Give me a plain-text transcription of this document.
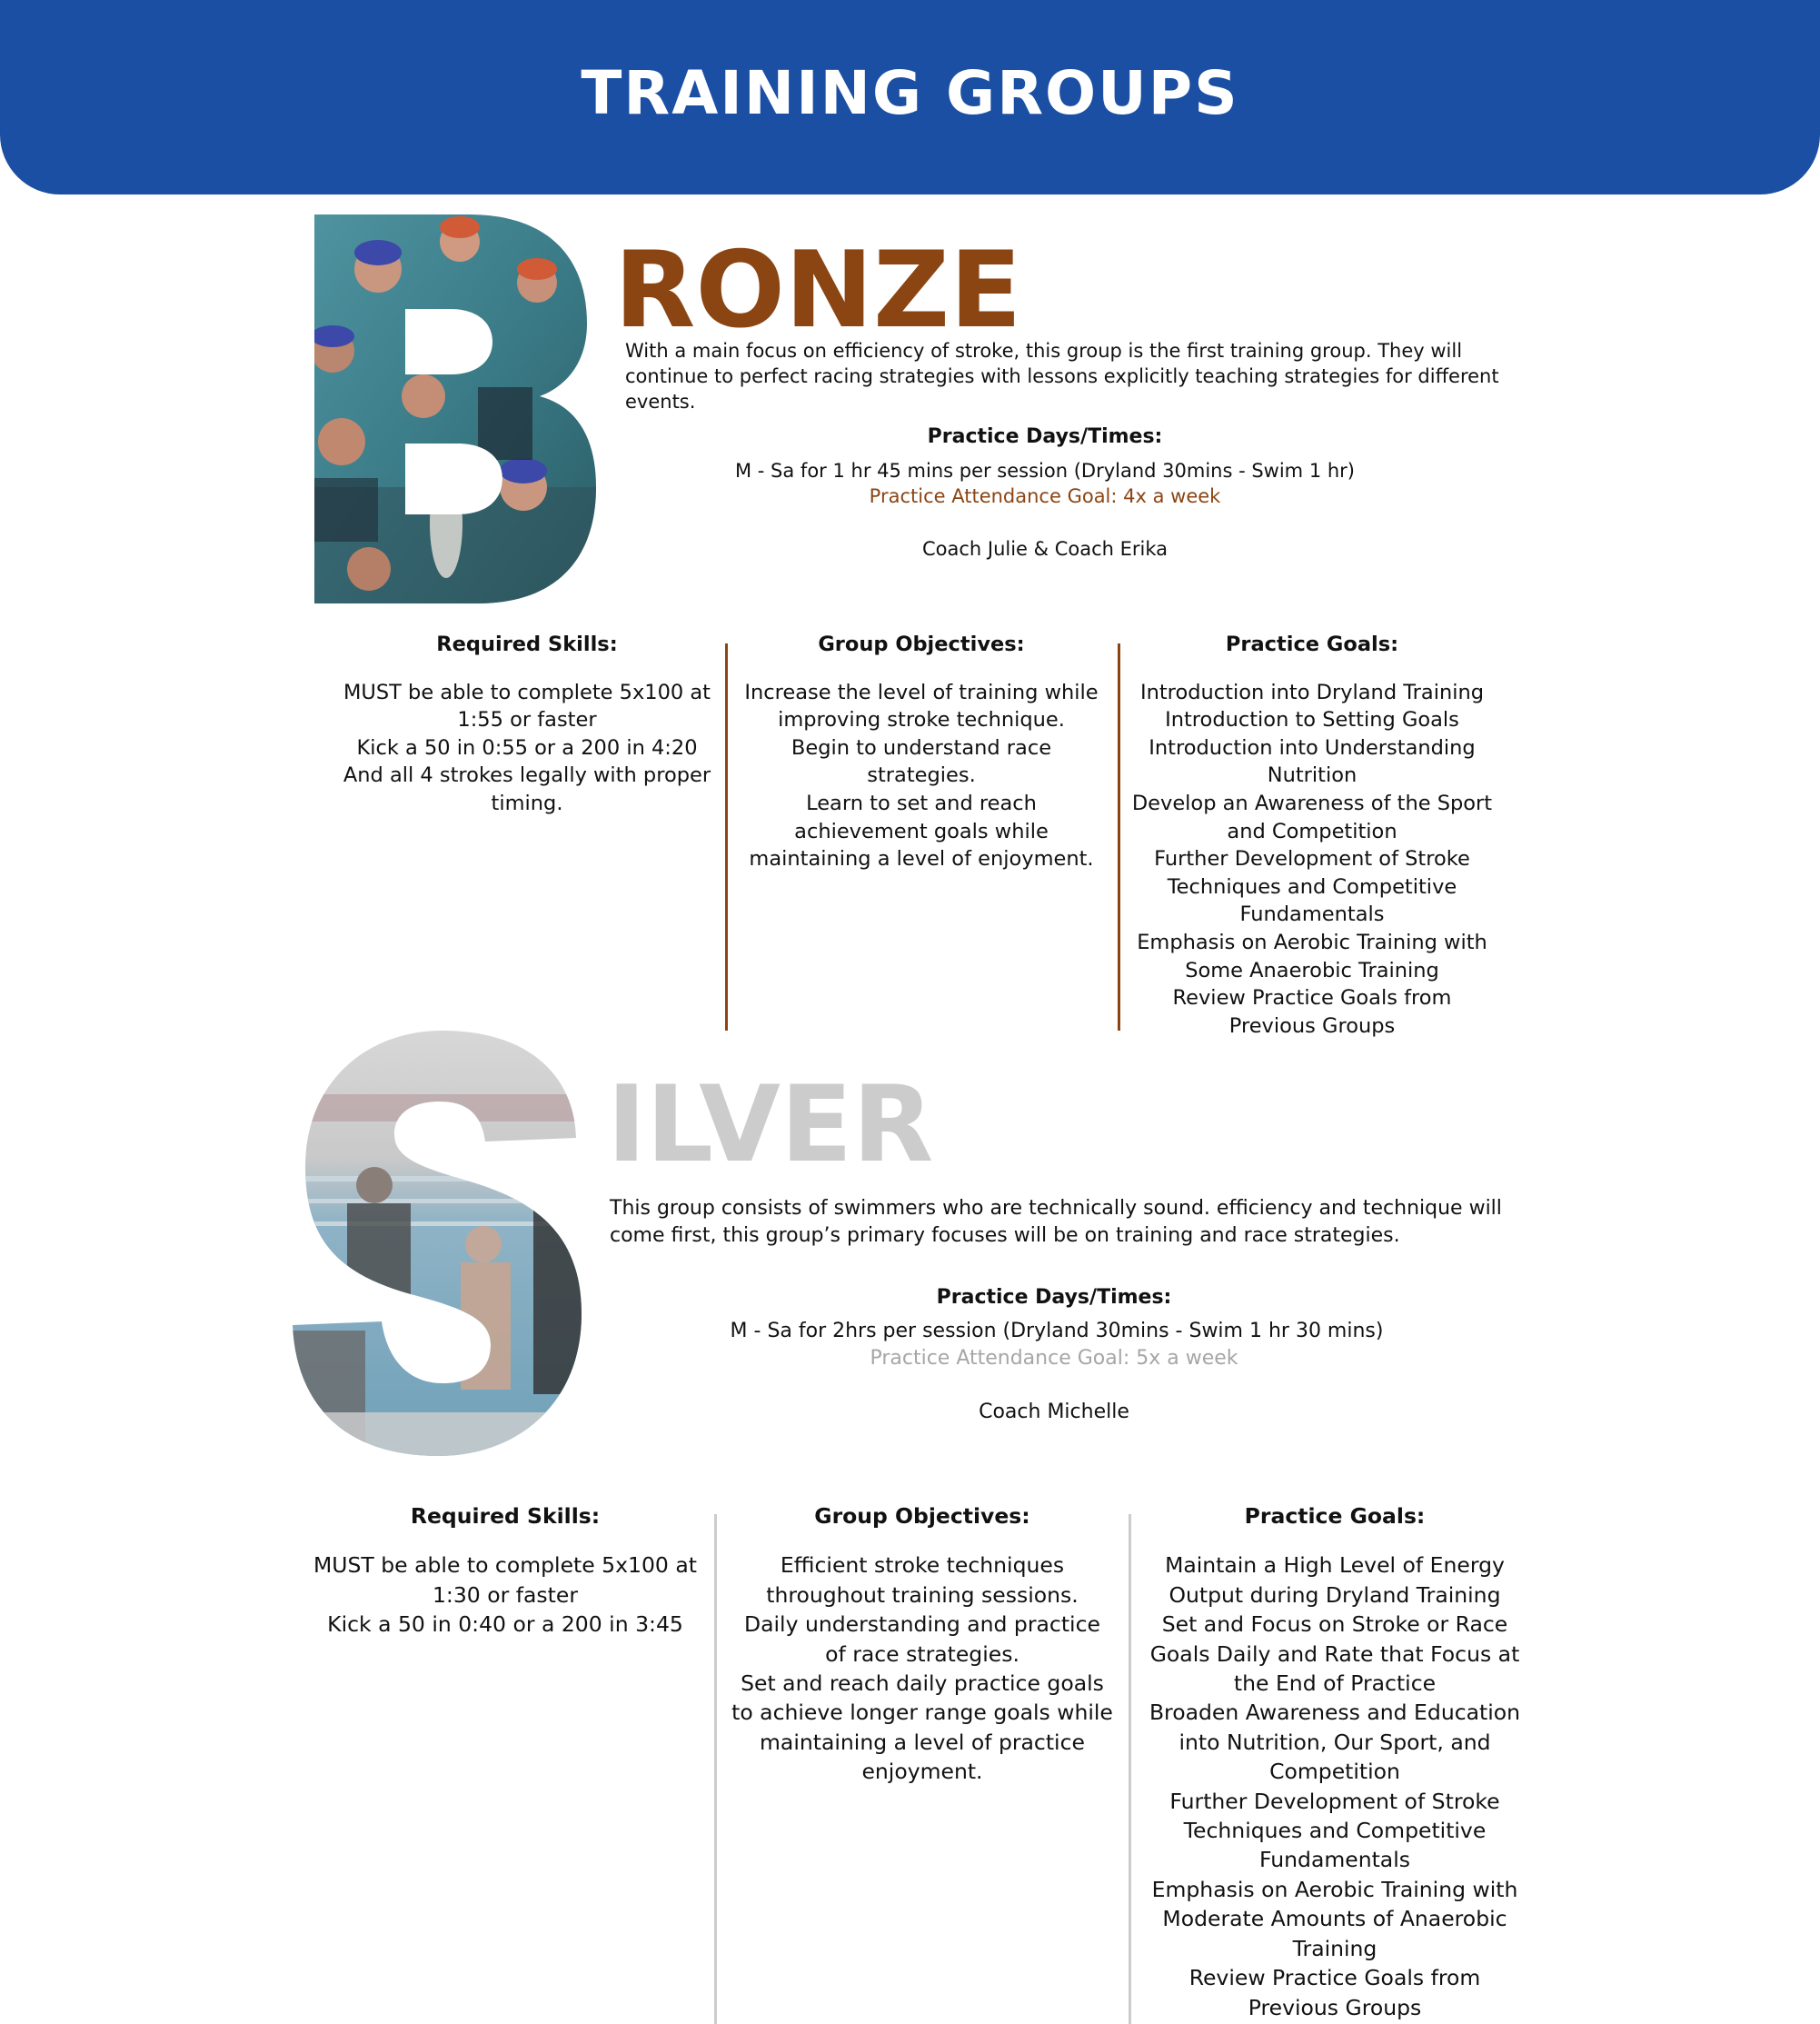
TRAINING GROUPS
RONZE
With a main focus on efficiency of stroke, this group is the first training group. They will continue to perfect racing strategies with lessons explicitly teaching strategies for different events.
Practice Days/Times:
M - Sa for 1 hr 45 mins per session (Dryland 30mins - Swim 1 hr)
Practice Attendance Goal: 4x a week
Coach Julie & Coach Erika
Required Skills:
MUST be able to complete 5x100 at
1:55 or faster
Kick a 50 in 0:55 or a 200 in 4:20
And all 4 strokes legally with proper
timing.
Group Objectives:
Increase the level of training while
improving stroke technique.
Begin to understand race
strategies.
Learn to set and reach
achievement goals while
maintaining a level of enjoyment.
Practice Goals:
Introduction into Dryland Training
Introduction to Setting Goals
Introduction into Understanding
Nutrition
Develop an Awareness of the Sport
and Competition
Further Development of Stroke
Techniques and Competitive
Fundamentals
Emphasis on Aerobic Training with
Some Anaerobic Training
Review Practice Goals from
Previous Groups
ILVER
This group consists of swimmers who are technically sound. efficiency and technique will come first, this group’s primary focuses will be on training and race strategies.
Practice Days/Times:
M - Sa for 2hrs per session (Dryland 30mins - Swim 1 hr 30 mins)
Practice Attendance Goal: 5x a week
Coach Michelle
Required Skills:
MUST be able to complete 5x100 at
1:30 or faster
Kick a 50 in 0:40 or a 200 in 3:45
Group Objectives:
Efficient stroke techniques
throughout training sessions.
Daily understanding and practice
of race strategies.
Set and reach daily practice goals
to achieve longer range goals while
maintaining a level of practice
enjoyment.
Practice Goals:
Maintain a High Level of Energy
Output during Dryland Training
Set and Focus on Stroke or Race
Goals Daily and Rate that Focus at
the End of Practice
Broaden Awareness and Education
into Nutrition, Our Sport, and
Competition
Further Development of Stroke
Techniques and Competitive
Fundamentals
Emphasis on Aerobic Training with
Moderate Amounts of Anaerobic
Training
Review Practice Goals from
Previous Groups
